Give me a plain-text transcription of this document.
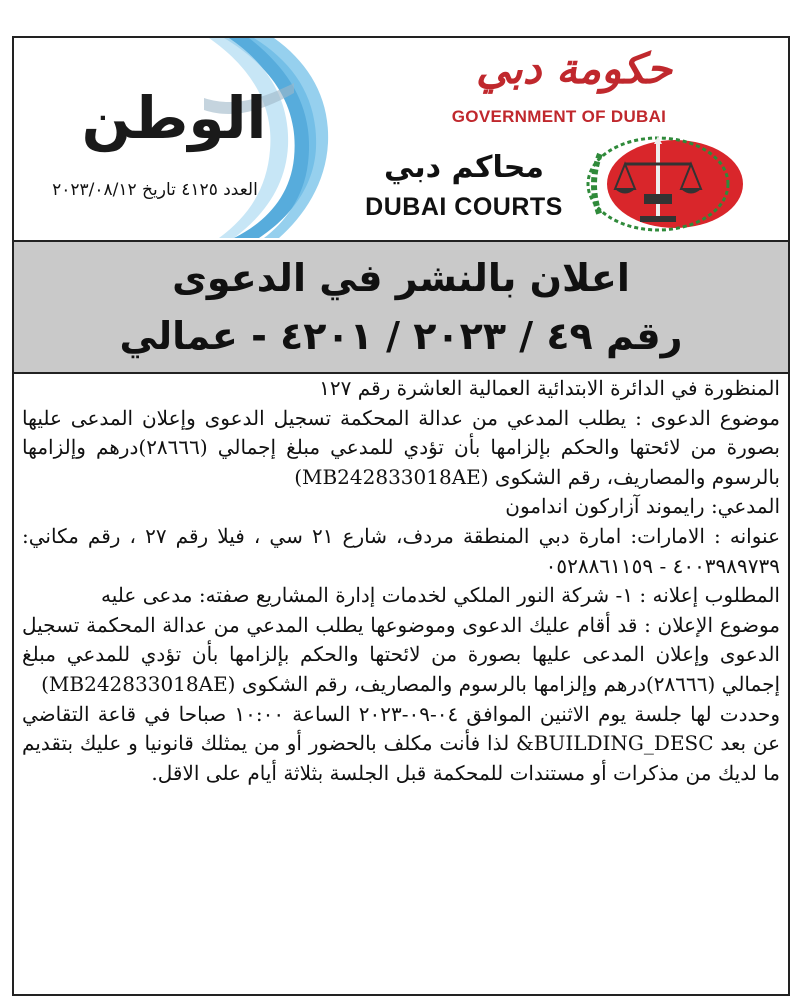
الوطن
العدد ٤١٢٥ تاريخ ٢٠٢٣/٠٨/١٢
حكومة دبي
GOVERNMENT OF DUBAI
محاكم دبي
DUBAI COURTS
اعلان بالنشر في الدعوى
رقم ٤٩ / ٢٠٢٣ / ٤٢٠١ - عمالي

المنظورة في الدائرة الابتدائية العمالية العاشرة رقم ١٢٧

موضوع الدعوى : يطلب المدعي من عدالة المحكمة تسجيل الدعوى وإعلان المدعى عليها بصورة من لائحتها والحكم بإلزامها بأن تؤدي للمدعي مبلغ إجمالي (٢٨٦٦٦)درهم وإلزامها بالرسوم والمصاريف، رقم الشكوى (MB242833018AE)

المدعي: رايموند آزاركون اندامون

عنوانه : الامارات: امارة دبي المنطقة مردف، شارع ٢١ سي ، فيلا رقم ٢٧ ، رقم مكاني: ٤٠٠٣٩٨٩٧٣٩ - ٠٥٢٨٨٦١١٥٩

المطلوب إعلانه : ١- شركة النور الملكي لخدمات إدارة المشاريع صفته: مدعى عليه

موضوع الإعلان : قد أقام عليك الدعوى وموضوعها يطلب المدعي من عدالة المحكمة تسجيل الدعوى وإعلان المدعى عليها بصورة من لائحتها والحكم بإلزامها بأن تؤدي للمدعي مبلغ إجمالي (٢٨٦٦٦)درهم وإلزامها بالرسوم والمصاريف، رقم الشكوى (MB242833018AE)

وحددت لها جلسة يوم الاثنين الموافق ٠٤-٠٩-٢٠٢٣ الساعة ١٠:٠٠ صباحا في قاعة التقاضي عن بعد BUILDING_DESC& لذا فأنت مكلف بالحضور أو من يمثلك قانونيا و عليك بتقديم ما لديك من مذكرات أو مستندات للمحكمة قبل الجلسة بثلاثة أيام على الاقل.
